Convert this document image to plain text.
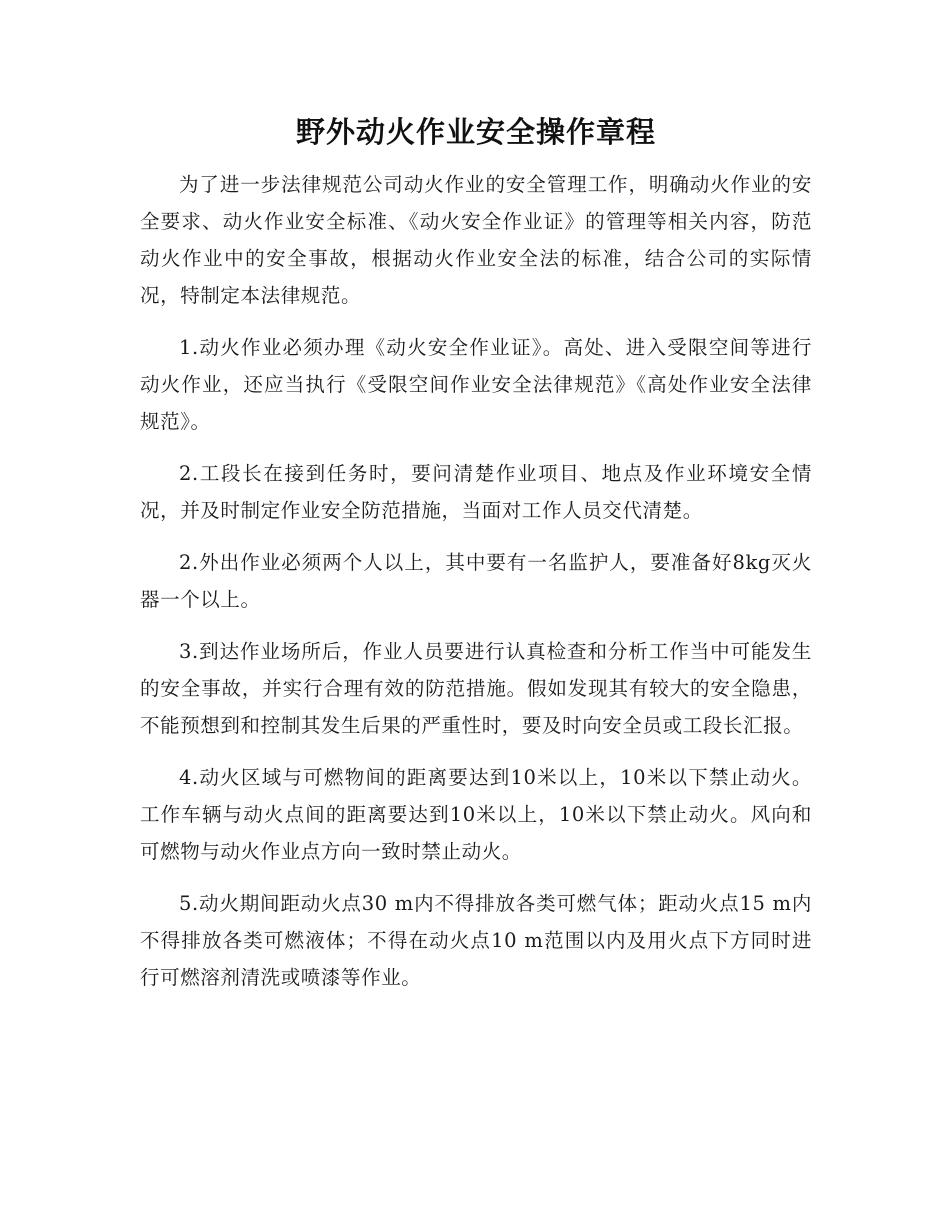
野外动火作业安全操作章程

为了进一步法律规范公司动火作业的安全管理工作，明确动火作业的安全要求、动火作业安全标准、《动火安全作业证》的管理等相关内容，防范动火作业中的安全事故，根据动火作业安全法的标准，结合公司的实际情况，特制定本法律规范。

1.动火作业必须办理《动火安全作业证》。高处、进入受限空间等进行动火作业，还应当执行《受限空间作业安全法律规范》《高处作业安全法律规范》。

2.工段长在接到任务时，要问清楚作业项目、地点及作业环境安全情况，并及时制定作业安全防范措施，当面对工作人员交代清楚。

2.外出作业必须两个人以上，其中要有一名监护人，要准备好8kg灭火器一个以上。

3.到达作业场所后，作业人员要进行认真检查和分析工作当中可能发生的安全事故，并实行合理有效的防范措施。假如发现其有较大的安全隐患，不能预想到和控制其发生后果的严重性时，要及时向安全员或工段长汇报。

4.动火区域与可燃物间的距离要达到10米以上，10米以下禁止动火。工作车辆与动火点间的距离要达到10米以上，10米以下禁止动火。风向和可燃物与动火作业点方向一致时禁止动火。

5.动火期间距动火点30 m内不得排放各类可燃气体；距动火点15 m内不得排放各类可燃液体；不得在动火点10 m范围以内及用火点下方同时进行可燃溶剂清洗或喷漆等作业。
